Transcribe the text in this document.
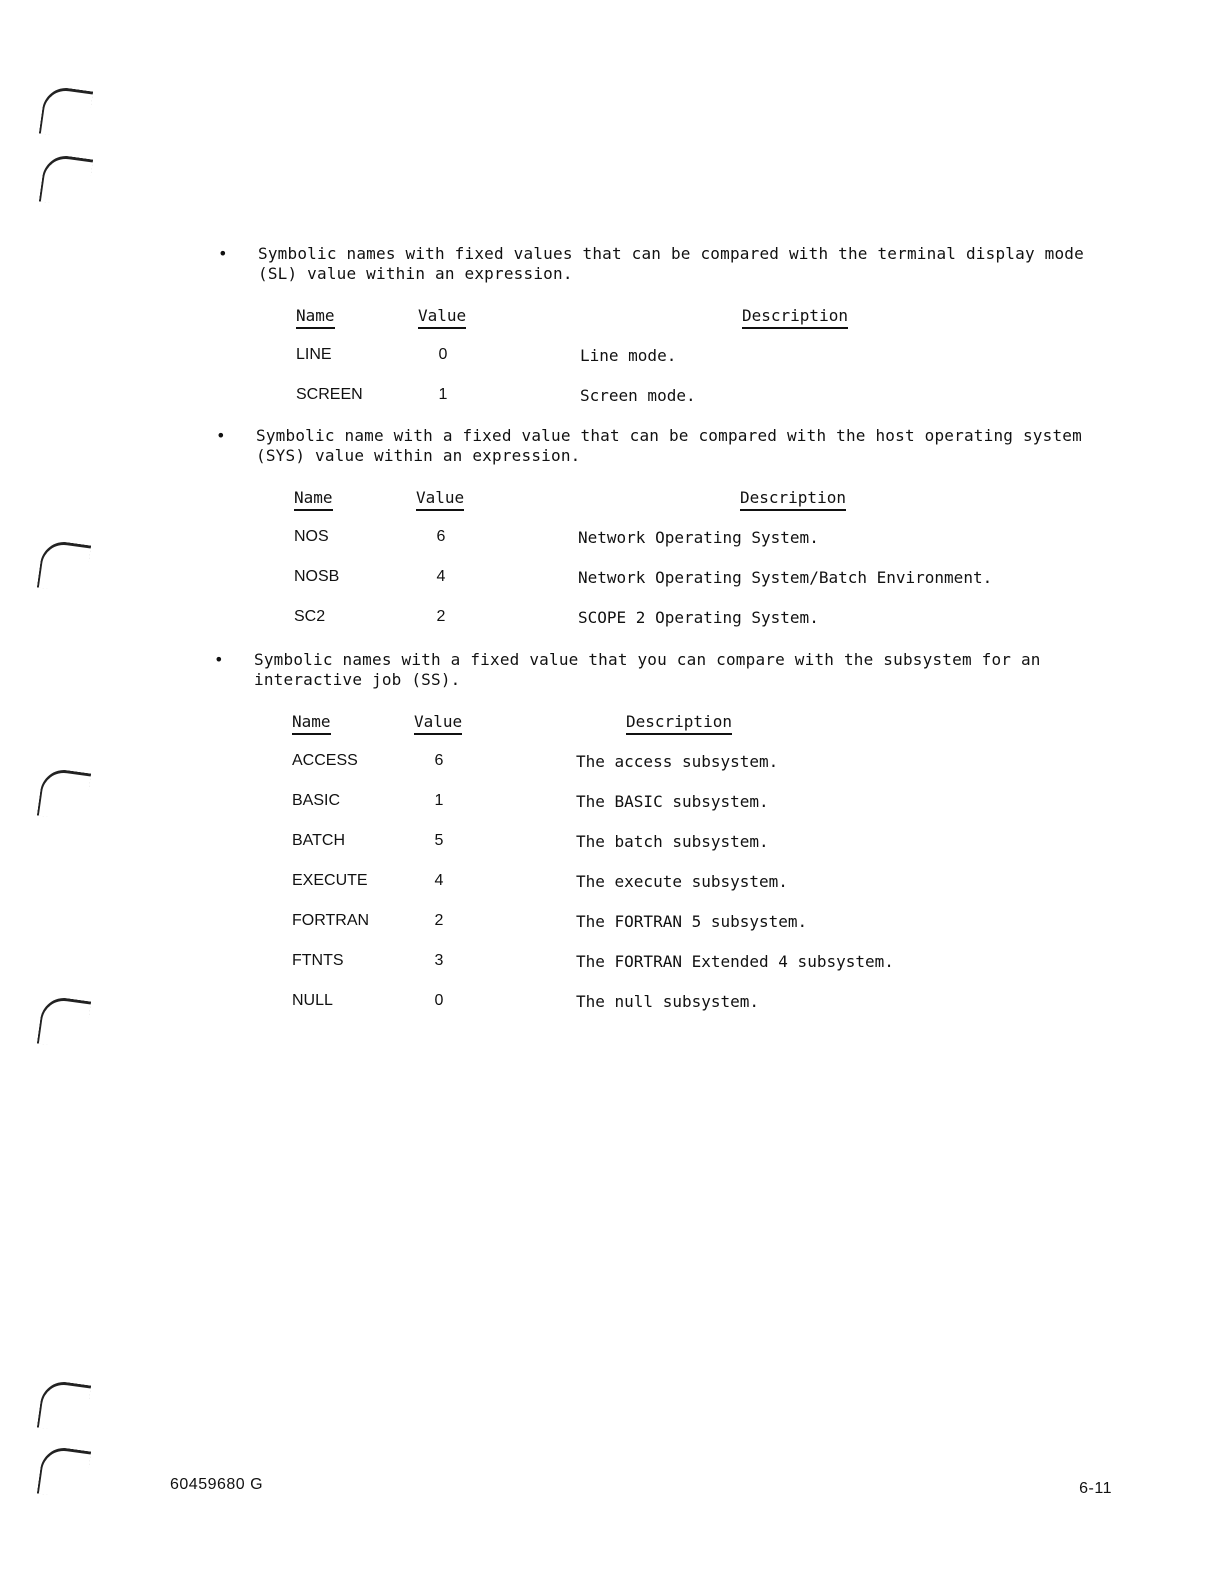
• Symbolic names with fixed values that can be compared with the terminal display mode (SL) value within an expression.
Name	Value	Description
LINE	0	Line mode.
SCREEN	1	Screen mode.
• Symbolic name with a fixed value that can be compared with the host operating system (SYS) value within an expression.
Name	Value	Description
NOS	6	Network Operating System.
NOSB	4	Network Operating System/Batch Environment.
SC2	2	SCOPE 2 Operating System.
• Symbolic names with a fixed value that you can compare with the subsystem for an interactive job (SS).
Name	Value	Description
ACCESS	6	The access subsystem.
BASIC	1	The BASIC subsystem.
BATCH	5	The batch subsystem.
EXECUTE	4	The execute subsystem.
FORTRAN	2	The FORTRAN 5 subsystem.
FTNTS	3	The FORTRAN Extended 4 subsystem.
NULL	0	The null subsystem.
60459680 G	6-11
